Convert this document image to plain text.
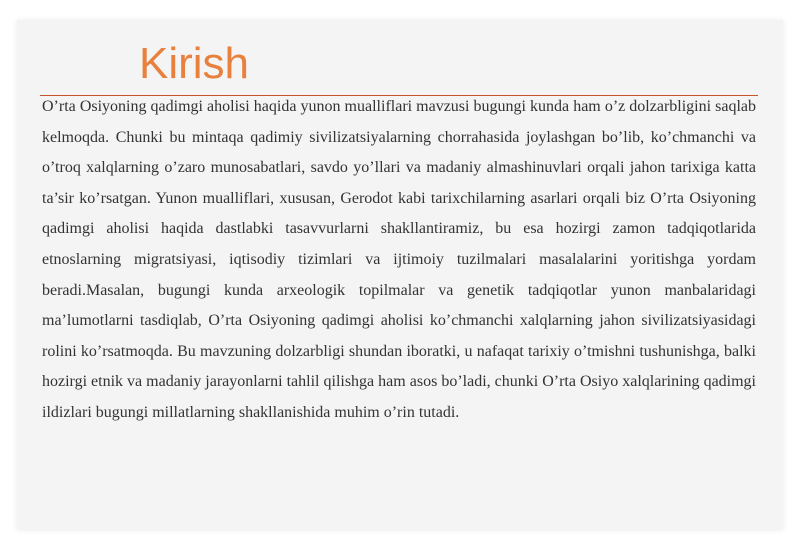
Kirish

O’rta Osiyoning qadimgi aholisi haqida yunon mualliflari mavzusi bugungi kunda ham o’z dolzarbligini saqlab kelmoqda. Chunki bu mintaqa qadimiy sivilizatsiyalarning chorrahasida joylashgan bo’lib, ko’chmanchi va o’troq xalqlarning o’zaro munosabatlari, savdo yo’llari va madaniy almashinuvlari orqali jahon tarixiga katta ta’sir ko’rsatgan. Yunon mualliflari, xususan, Gerodot kabi tarixchilarning asarlari orqali biz O’rta Osiyoning qadimgi aholisi haqida dastlabki tasavvurlarni shakllantiramiz, bu esa hozirgi zamon tadqiqotlarida etnoslarning migratsiyasi, iqtisodiy tizimlari va ijtimoiy tuzilmalari masalalarini yoritishga yordam beradi.Masalan, bugungi kunda arxeologik topilmalar va genetik tadqiqotlar yunon manbalaridagi ma’lumotlarni tasdiqlab, O’rta Osiyoning qadimgi aholisi ko’chmanchi xalqlarning jahon sivilizatsiyasidagi rolini ko’rsatmoqda. Bu mavzuning dolzarbligi shundan iboratki, u nafaqat tarixiy o’tmishni tushunishga, balki hozirgi etnik va madaniy jarayonlarni tahlil qilishga ham asos bo’ladi, chunki O’rta Osiyo xalqlarining qadimgi ildizlari bugungi millatlarning shakllanishida muhim o’rin tutadi.
